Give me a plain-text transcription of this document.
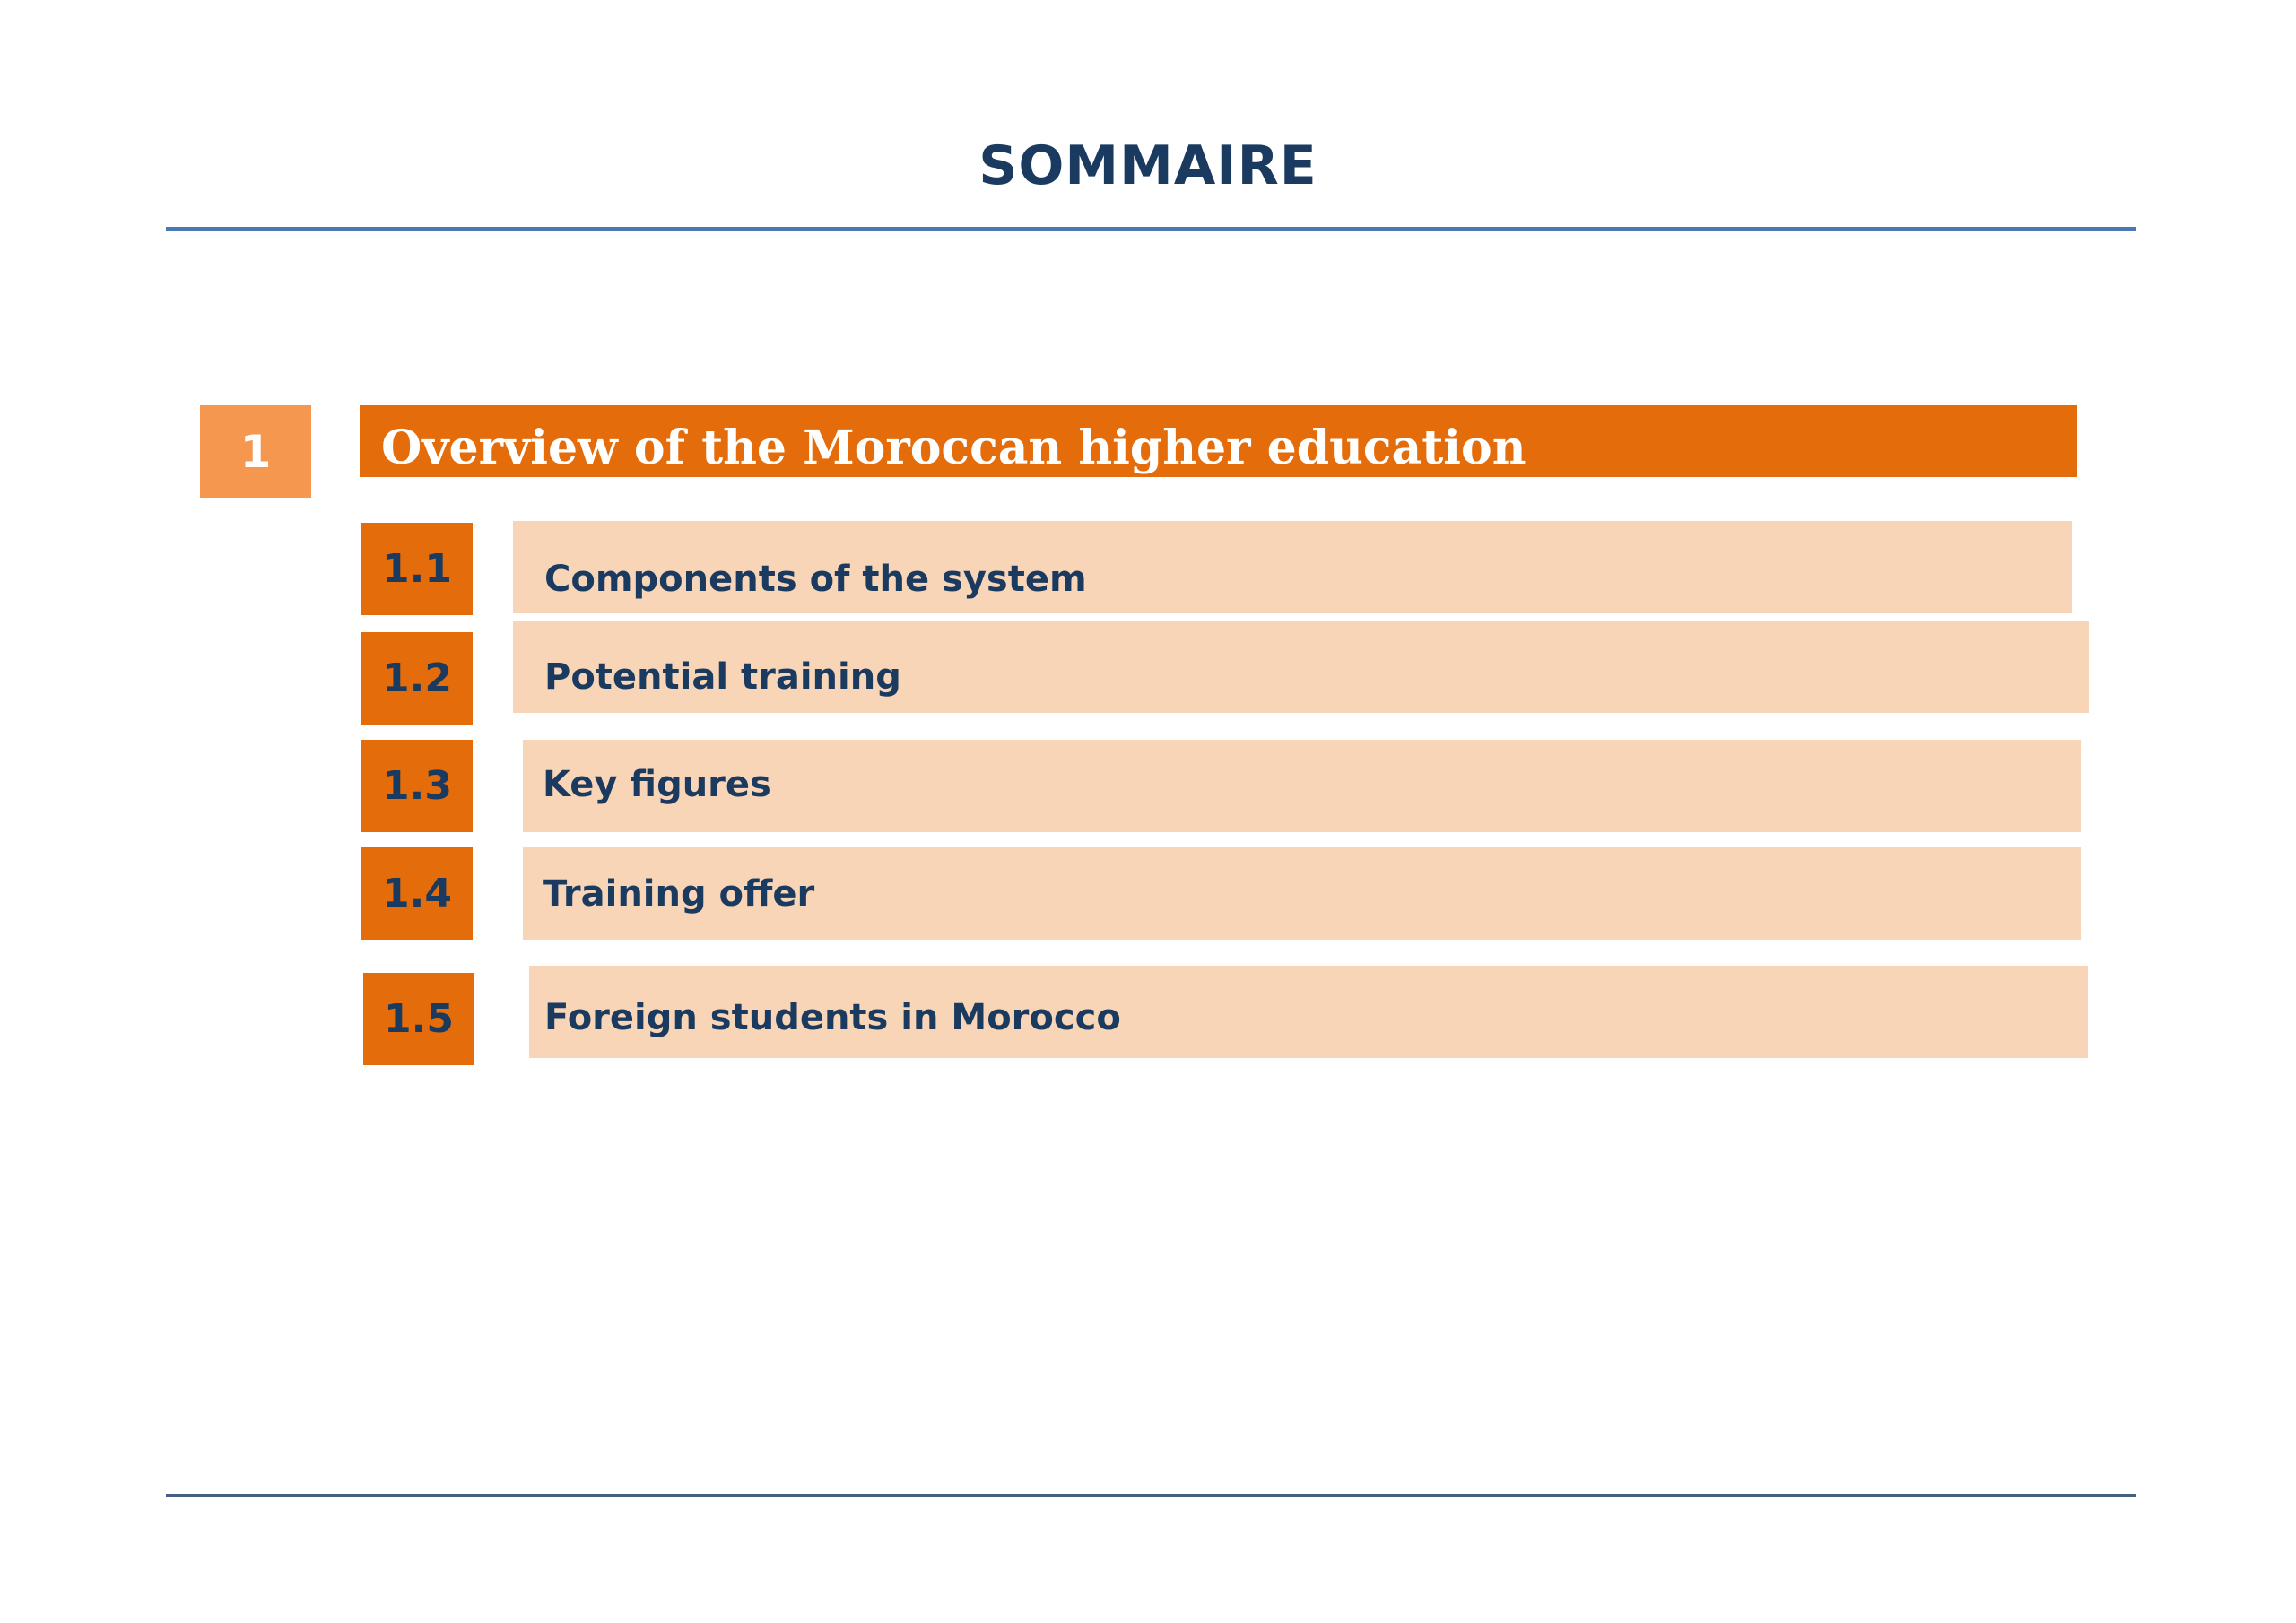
SOMMAIRE
1	Overview of the Moroccan higher education
1.1	Components of the system
1.2	Potential training
1.3	Key figures
1.4	Training offer
1.5	Foreign students in Morocco
